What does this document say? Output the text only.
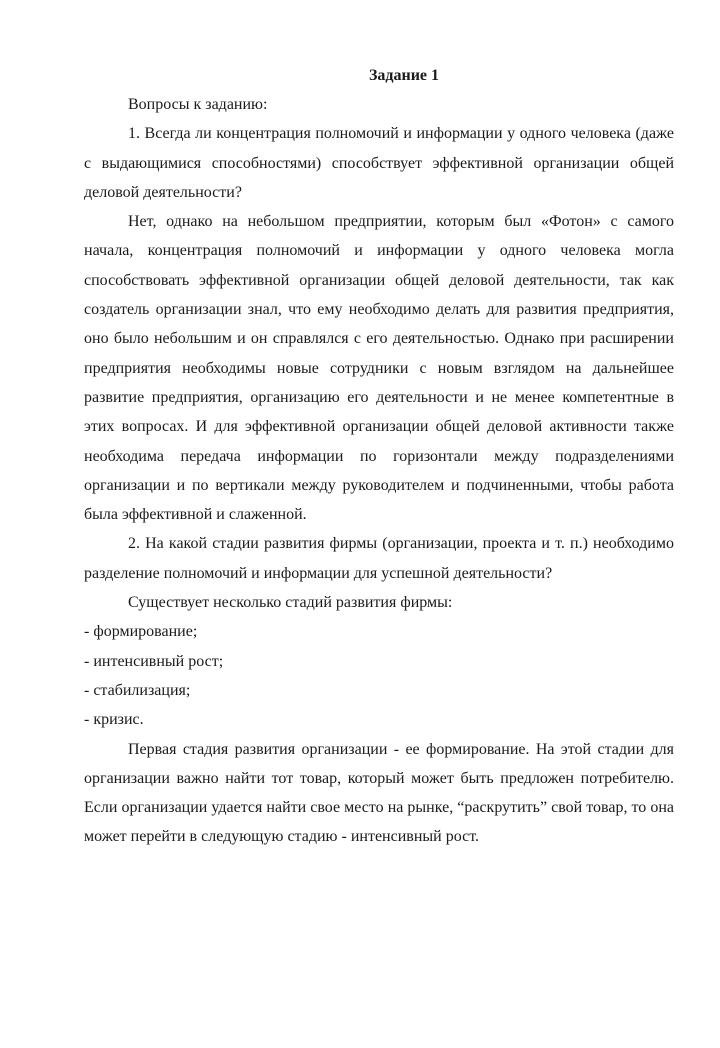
Задание 1

Вопросы к заданию:

1. Всегда ли концентрация полномочий и информации у одного человека (даже с выдающимися способностями) способствует эффективной организации общей деловой деятельности?

Нет, однако на небольшом предприятии, которым был «Фотон» с самого начала, концентрация полномочий и информации у одного человека могла способствовать эффективной организации общей деловой деятельности, так как создатель организации знал, что ему необходимо делать для развития предприятия, оно было небольшим и он справлялся с его деятельностью. Однако при расширении предприятия необходимы новые сотрудники с новым взглядом на дальнейшее развитие предприятия, организацию его деятельности и не менее компетентные в этих вопросах. И для эффективной организации общей деловой активности также необходима передача информации по горизонтали между подразделениями организации и по вертикали между руководителем и подчиненными, чтобы работа была эффективной и слаженной.

2. На какой стадии развития фирмы (организации, проекта и т. п.) необходимо разделение полномочий и информации для успешной деятельности?

Существует несколько стадий развития фирмы:

- формирование;

- интенсивный рост;

- стабилизация;

- кризис.

Первая стадия развития организации - ее формирование. На этой стадии для организации важно найти тот товар, который может быть предложен потребителю. Если организации удается найти свое место на рынке, “раскрутить” свой товар, то она может перейти в следующую стадию - интенсивный рост.
